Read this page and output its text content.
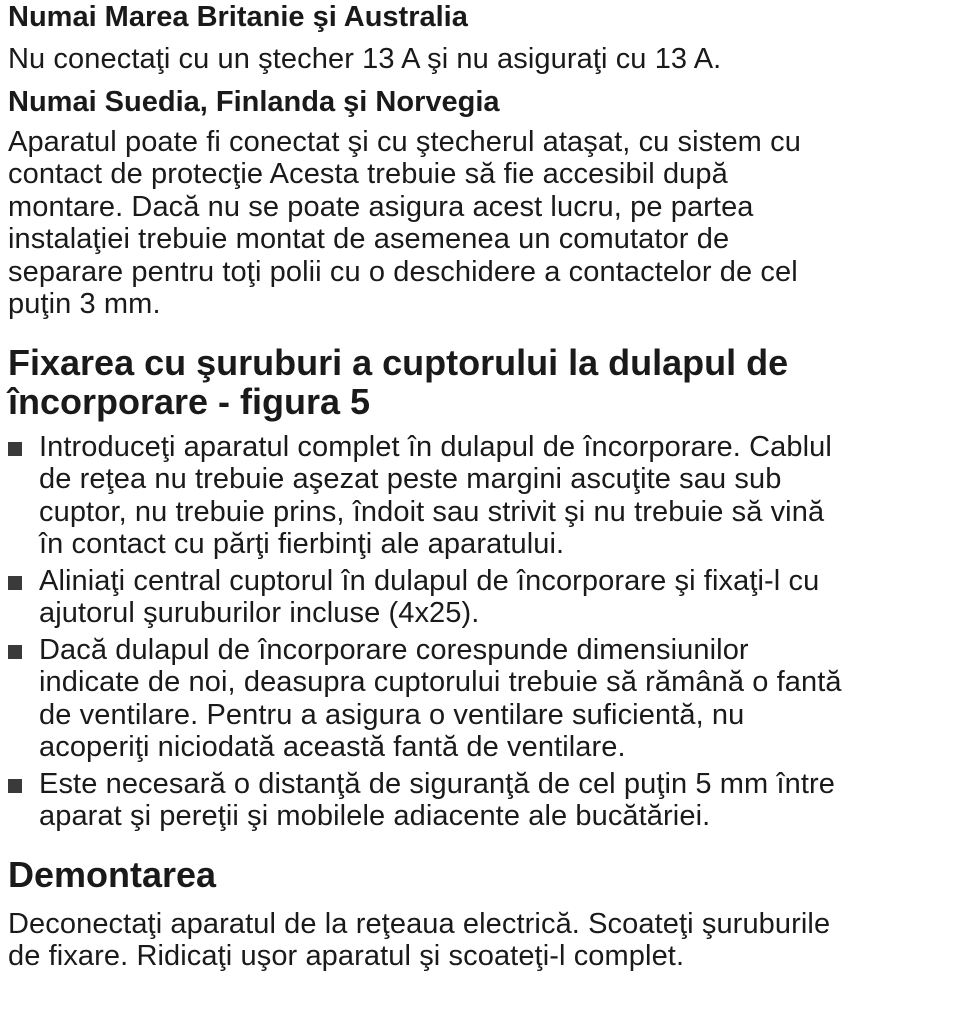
Numai Marea Britanie şi Australia

Nu conectaţi cu un ştecher 13 A şi nu asiguraţi cu 13 A.

Numai Suedia, Finlanda şi Norvegia
Aparatul poate fi conectat şi cu ştecherul ataşat, cu sistem cu
contact de protecţie Acesta trebuie să fie accesibil după
montare. Dacă nu se poate asigura acest lucru, pe partea
instalaţiei trebuie montat de asemenea un comutator de
separare pentru toţi polii cu o deschidere a contactelor de cel
puţin 3 mm.
Fixarea cu şuruburi a cuptorului la dulapul de
încorporare - figura 5
Introduceţi aparatul complet în dulapul de încorporare. Cablul
de reţea nu trebuie aşezat peste margini ascuţite sau sub
cuptor, nu trebuie prins, îndoit sau strivit şi nu trebuie să vină
în contact cu părţi fierbinţi ale aparatului.
Aliniaţi central cuptorul în dulapul de încorporare şi fixaţi-l cu
ajutorul şuruburilor incluse (4x25).
Dacă dulapul de încorporare corespunde dimensiunilor
indicate de noi, deasupra cuptorului trebuie să rămână o fantă
de ventilare. Pentru a asigura o ventilare suficientă, nu
acoperiţi niciodată această fantă de ventilare.
Este necesară o distanţă de siguranţă de cel puţin 5 mm între
aparat şi pereţii şi mobilele adiacente ale bucătăriei.
Demontarea
Deconectaţi aparatul de la reţeaua electrică. Scoateţi şuruburile
de fixare. Ridicaţi uşor aparatul şi scoateţi-l complet.
